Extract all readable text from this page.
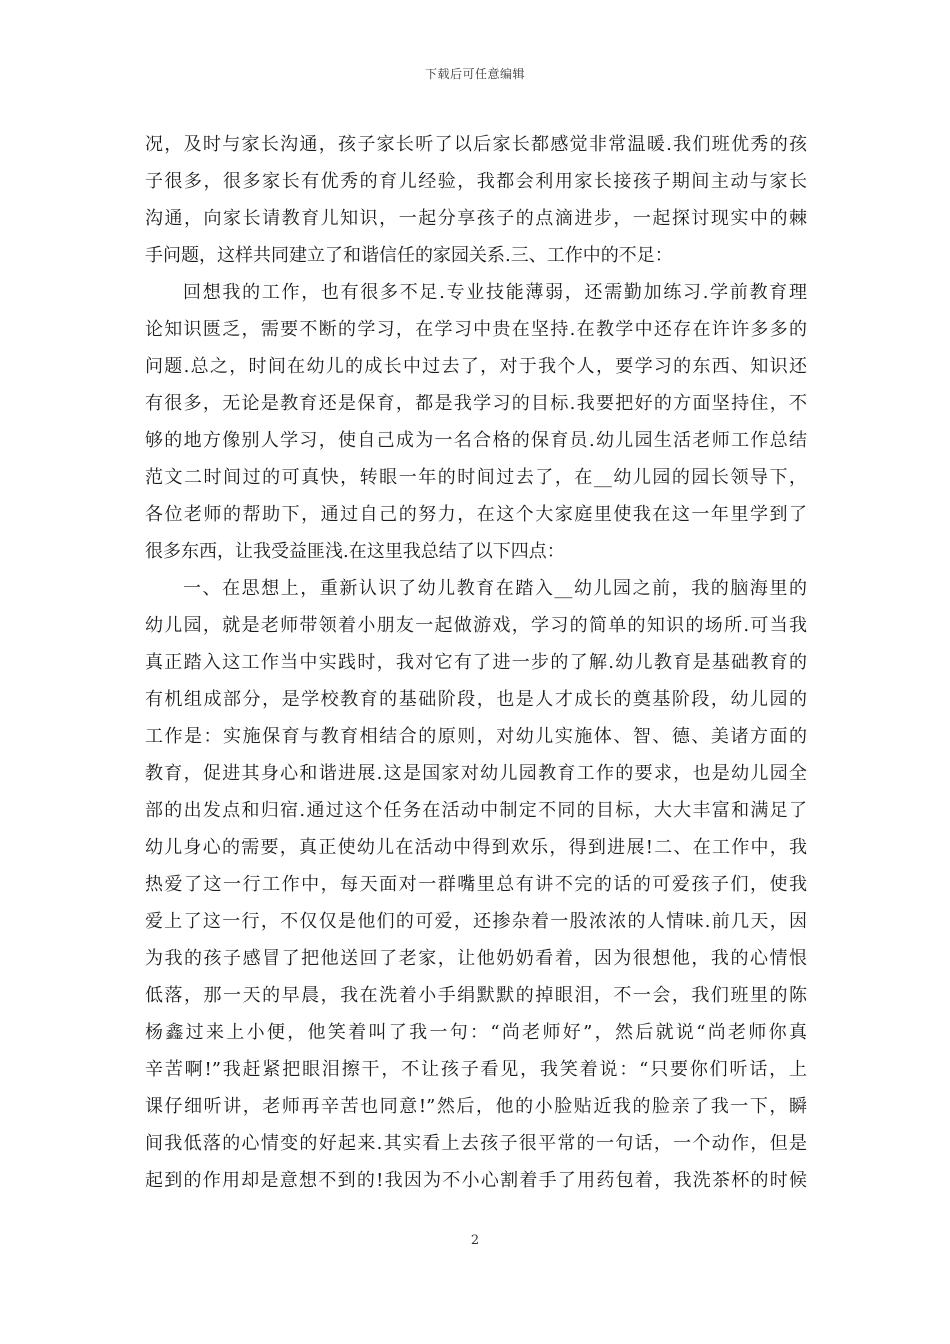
下载后可任意编辑
况，及时与家长沟通，孩子家长听了以后家长都感觉非常温暖.我们班优秀的孩
子很多，很多家长有优秀的育儿经验，我都会利用家长接孩子期间主动与家长
沟通，向家长请教育儿知识，一起分享孩子的点滴进步，一起探讨现实中的棘
手问题，这样共同建立了和谐信任的家园关系.三、工作中的不足：
回想我的工作，也有很多不足.专业技能薄弱，还需勤加练习.学前教育理
论知识匮乏，需要不断的学习，在学习中贵在坚持.在教学中还存在许许多多的
问题.总之，时间在幼儿的成长中过去了，对于我个人，要学习的东西、知识还
有很多，无论是教育还是保育，都是我学习的目标.我要把好的方面坚持住，不
够的地方像别人学习，使自己成为一名合格的保育员.幼儿园生活老师工作总结
范文二时间过的可真快，转眼一年的时间过去了，在__幼儿园的园长领导下，
各位老师的帮助下，通过自己的努力，在这个大家庭里使我在这一年里学到了
很多东西，让我受益匪浅.在这里我总结了以下四点：
一、在思想上，重新认识了幼儿教育在踏入__幼儿园之前，我的脑海里的
幼儿园，就是老师带领着小朋友一起做游戏，学习的简单的知识的场所.可当我
真正踏入这工作当中实践时，我对它有了进一步的了解.幼儿教育是基础教育的
有机组成部分，是学校教育的基础阶段，也是人才成长的奠基阶段，幼儿园的
工作是：实施保育与教育相结合的原则，对幼儿实施体、智、德、美诸方面的
教育，促进其身心和谐进展.这是国家对幼儿园教育工作的要求，也是幼儿园全
部的出发点和归宿.通过这个任务在活动中制定不同的目标，大大丰富和满足了
幼儿身心的需要，真正使幼儿在活动中得到欢乐，得到进展!二、在工作中，我
热爱了这一行工作中，每天面对一群嘴里总有讲不完的话的可爱孩子们，使我
爱上了这一行，不仅仅是他们的可爱，还掺杂着一股浓浓的人情味.前几天，因
为我的孩子感冒了把他送回了老家，让他奶奶看着，因为很想他，我的心情恨
低落，那一天的早晨，我在洗着小手绢默默的掉眼泪，不一会，我们班里的陈
杨鑫过来上小便，他笑着叫了我一句：“尚老师好”，然后就说“尚老师你真
辛苦啊!”我赶紧把眼泪擦干，不让孩子看见，我笑着说：“只要你们听话，上
课仔细听讲，老师再辛苦也同意!”然后，他的小脸贴近我的脸亲了我一下，瞬
间我低落的心情变的好起来.其实看上去孩子很平常的一句话，一个动作，但是
起到的作用却是意想不到的!我因为不小心割着手了用药包着，我洗茶杯的时候
2
